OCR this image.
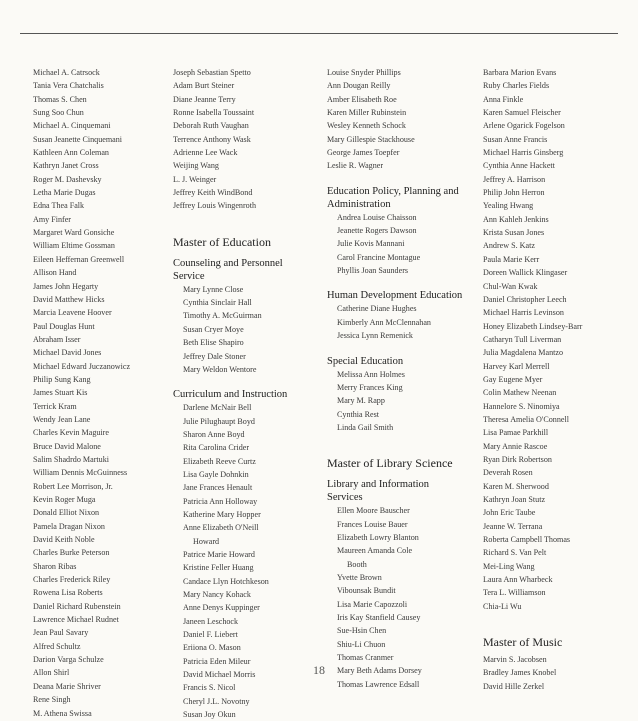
Michael A. Catrsock
Tania Vera Chatchalis
Thomas S. Chen
Sung Soo Chun
Michael A. Cinquemani
Susan Jeanette Cinquemani
Kathleen Ann Coleman
Kathryn Janet Cross
Roger M. Dashevsky
Letha Marie Dugas
Edna Thea Falk
Amy Finfer
Margaret Ward Gonsiche
William Eltime Gossman
Eileen Heffernan Greenwell
Allison Hand
James John Hegarty
David Matthew Hicks
Marcia Leavene Hoover
Paul Douglas Hunt
Abraham Isser
Michael David Jones
Michael Edward Juczanowicz
Philip Sung Kang
James Stuart Kis
Terrick Kram
Wendy Jean Lane
Charles Kevin Maguire
Bruce David Malone
Salim Shadrdo Martuki
William Dennis McGuinness
Robert Lee Morrison, Jr.
Kevin Roger Muga
Donald Elliot Nixon
Pamela Dragan Nixon
David Keith Noble
Charles Burke Peterson
Sharon Ribas
Charles Frederick Riley
Rowena Lisa Roberts
Daniel Richard Rubenstein
Lawrence Michael Rudnet
Jean Paul Savary
Alfred Schultz
Darion Varga Schulze
Allon Shirl
Deana Marie Shriver
Rene Singh
M. Athena Swissa
Joseph Sebastian Spetto
Adam Burt Steiner
Diane Jeanne Terry
Ronne Isabella Toussaint
Deborah Ruth Vaughan
Terrence Anthony Wask
Adrienne Lee Wack
Weijing Wang
L. J. Weinger
Jeffrey Keith WindBond
Jeffrey Louis Wingenroth
Master of Education
Counseling and Personnel Service
Mary Lynne Close
Cynthia Sinclair Hall
Timothy A. McGuirman
Susan Cryer Moye
Beth Elise Shapiro
Jeffrey Dale Stoner
Mary Weldon Wentore
Curriculum and Instruction
Darlene McNair Bell
Julie Pilughaupt Boyd
Sharon Anne Boyd
Rita Carolina Crider
Elizabeth Reeve Curtz
Lisa Gayle Dohnkin
Jane Frances Henault
Patricia Ann Holloway
Katherine Mary Hopper
Anne Elizabeth O'Neill
Howard
Patrice Marie Howard
Kristine Feller Huang
Candace Llyn Hotchkeson
Mary Nancy Kohack
Anne Denys Kuppinger
Janeen Leschock
Daniel F. Liebert
Eriiona O. Mason
Patricia Eden Mileur
David Michael Morris
Francis S. Nicol
Cheryl J.L. Novotny
Susan Joy Okun
Louise Snyder Phillips
Ann Dougan Reilly
Amber Elisabeth Roe
Karen Miller Rubinstein
Wesley Kenneth Schock
Mary Gillespie Stackhouse
George James Toepfer
Leslie R. Wagner
Education Policy, Planning and Administration
Andrea Louise Chaisson
Jeanette Rogers Dawson
Julie Kovis Mannani
Carol Francine Montague
Phyllis Joan Saunders
Human Development Education
Catherine Diane Hughes
Kimberly Ann McClennahan
Jessica Lynn Remenick
Special Education
Melissa Ann Holmes
Merry Frances King
Mary M. Rapp
Cynthia Rest
Linda Gail Smith
Master of Library Science
Library and Information Services
Ellen Moore Bauscher
Frances Louise Bauer
Elizabeth Lowry Blanton
Maureen Amanda Cole
Booth
Yvette Brown
Vibounsak Bundit
Lisa Marie Capozzoli
Iris Kay Stanfield Causey
Sue-Hsin Chen
Shiu-Li Chuon
Thomas Cranmer
Mary Beth Adams Dorsey
Thomas Lawrence Edsall
Barbara Marion Evans
Ruby Charles Fields
Anna Finkle
Karen Samuel Fleischer
Arlene Ogarick Fogelson
Susan Anne Francis
Michael Harris Ginsberg
Cynthia Anne Hackett
Jeffrey A. Harrison
Philip John Herron
Yealing Hwang
Ann Kahleh Jenkins
Krista Susan Jones
Andrew S. Katz
Paula Marie Kerr
Doreen Wallick Klingaser
Chul-Wan Kwak
Daniel Christopher Leech
Michael Harris Levinson
Honey Elizabeth Lindsey-Barr
Catharyn Tull Liverman
Julia Magdalena Mantzo
Harvey Karl Merrell
Gay Eugene Myer
Colin Mathew Neenan
Hannelore S. Ninomiya
Theresa Amelia O'Connell
Lisa Pamae Parkhill
Mary Annie Rascoe
Ryan Dirk Robertson
Deverah Rosen
Karen M. Sherwood
Kathryn Joan Stutz
John Eric Taube
Jeanne W. Terrana
Roberta Campbell Thomas
Richard S. Van Pelt
Mei-Ling Wang
Laura Ann Wharbeck
Tera L. Williamson
Chia-Li Wu
Master of Music
Marvin S. Jacobsen
Bradley James Knobel
David Hille Zerkel
18
